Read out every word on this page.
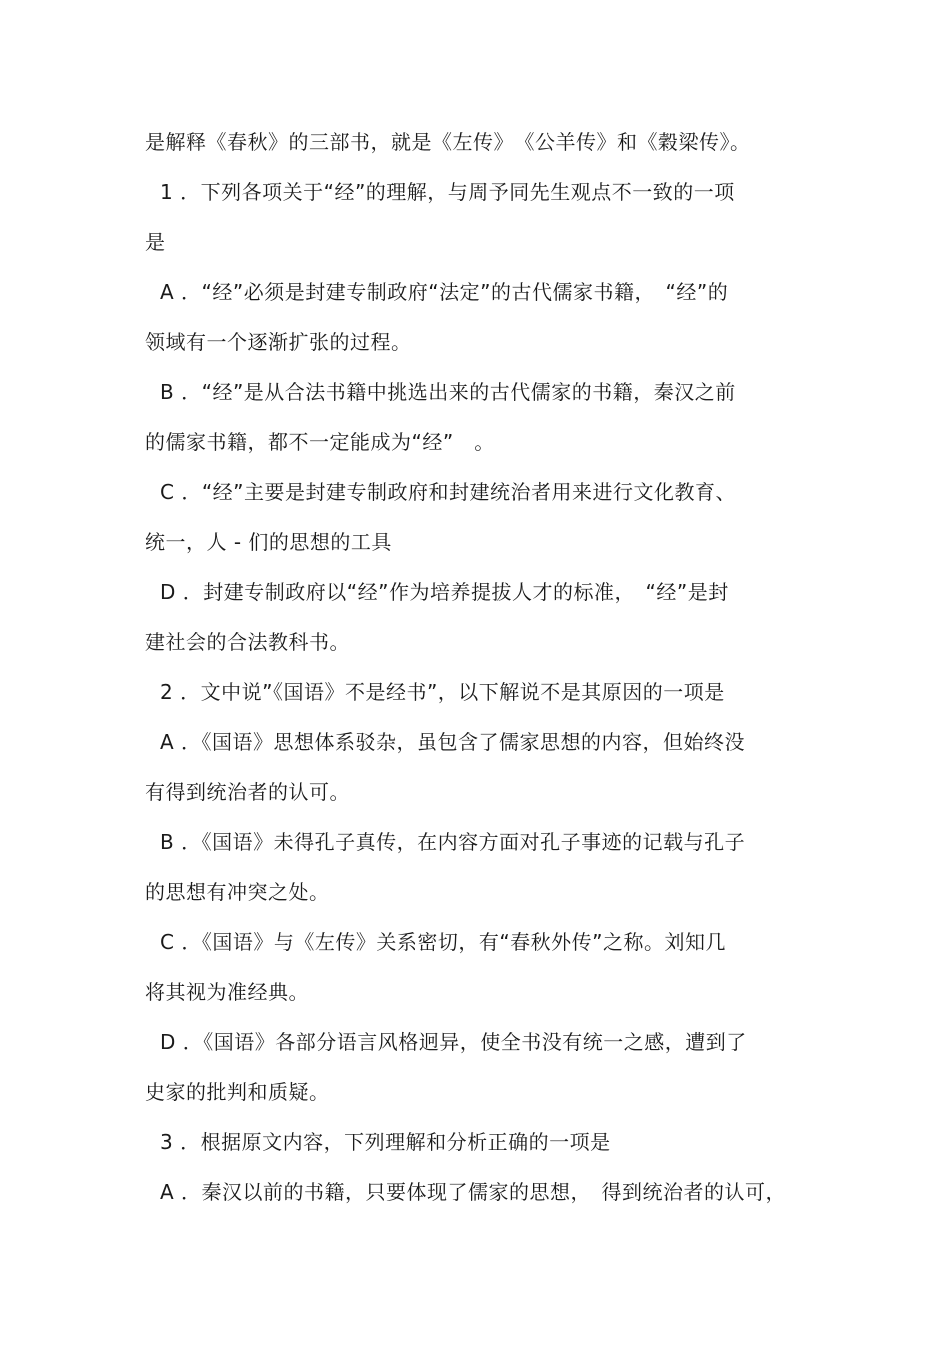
是解释《春秋》的三部书，就是《左传》　《公羊传》和《穀梁传》。
1 ．下列各项关于“经”的理解，与周予同先生观点不一致的一项
是
A ．“经”必须是封建专制政府“法定”的古代儒家书籍，　“经”的
领域有一个逐渐扩张的过程。
B ．“经”是从合法书籍中挑选出来的古代儒家的书籍，秦汉之前
的儒家书籍，都不一定能成为“经”　。
C ．“经”主要是封建专制政府和封建统治者用来进行文化教育、
统一，人 - 们的思想的工具
D ．封建专制政府以“经”作为培养提拔人才的标准，　“经”是封
建社会的合法教科书。
2 ．文中说”《国语》不是经书”，以下解说不是其原因的一项是
A ．《国语》思想体系驳杂，虽包含了儒家思想的内容，但始终没
有得到统治者的认可。
B ．《国语》未得孔子真传，在内容方面对孔子事迹的记载与孔子
的思想有冲突之处。
C ．《国语》与《左传》关系密切，有“春秋外传”之称。刘知几
将其视为准经典。
D ．《国语》各部分语言风格迥异，使全书没有统一之感，遭到了
史家的批判和质疑。
3 ．根据原文内容，下列理解和分析正确的一项是
A ．秦汉以前的书籍，只要体现了儒家的思想，　得到统治者的认可，
